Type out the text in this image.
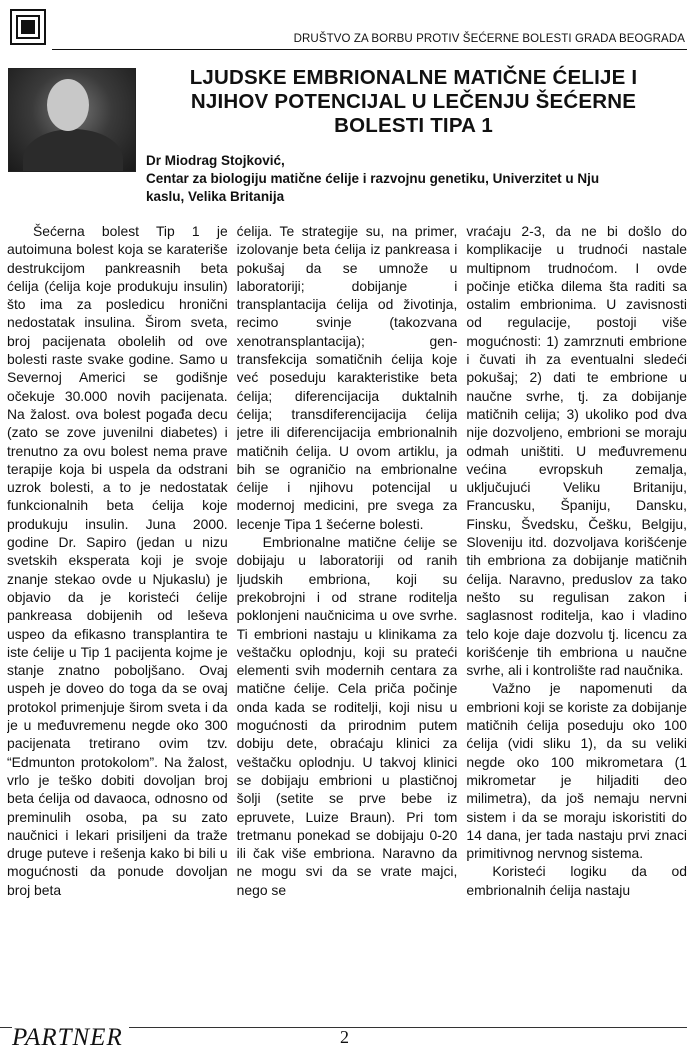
DRUŠTVO ZA BORBU PROTIV ŠEĆERNE BOLESTI GRADA BEOGRADA
LJUDSKE EMBRIONALNE MATIČNE ĆELIJE I
NJIHOV POTENCIJAL U LEČENJU ŠEĆERNE
BOLESTI TIPA 1
Dr Miodrag Stojković,
Centar za biologiju matične ćelije i razvojnu genetiku, Univerzitet u Nju
kaslu, Velika Britanija

Šećerna bolest Tip 1 je autoimuna bolest koja se karateriše destrukcijom pankreasnih beta ćelija (ćelija koje produkuju insulin) što ima za posledicu hronični nedostatak insulina. Širom sveta, broj pacijenata obolelih od ove bolesti raste svake godine. Samo u Severnoj Americi se godišnje očekuje 30.000 novih pacijenata. Na žalost. ova bolest pogađa decu (zato se zove juvenilni diabetes) i trenutno za ovu bolest nema prave terapije koja bi uspela da odstrani uzrok bolesti, a to je nedostatak funkcionalnih beta ćelija koje produkuju insulin. Juna 2000. godine Dr. Sapiro (jedan u nizu svetskih eksperata koji je svoje znanje stekao ovde u Njukaslu) je objavio da je koristeći ćelije pankreasa dobijenih od leševa uspeo da efikasno transplantira te iste ćelije u Tip 1 pacijenta kojme je stanje znatno poboljšano. Ovaj uspeh je doveo do toga da se ovaj protokol primenjuje širom sveta i da je u međuvremenu negde oko 300 pacijenata tretirano ovim tzv. “Edmunton protokolom”. Na žalost, vrlo je teško dobiti dovoljan broj beta ćelija od davaoca, odnosno od preminulih osoba, pa su zato naučnici i lekari prisiljeni da traže druge puteve i rešenja kako bi bili u mogućnosti da ponude dovoljan broj beta

ćelija. Te strategije su, na primer, izolovanje beta ćelija iz pankreasa i pokušaj da se umnože u laboratoriji; dobijanje i transplantacija ćelija od životinja, recimo svinje (takozvana xenotransplantacija); gen-transfekcija somatičnih ćelija koje već poseduju karakteristike beta ćelija; diferencijacija duktalnih ćelija; transdiferencijacija ćelija jetre ili diferencijacija embrionalnih matičnih ćelija. U ovom artiklu, ja bih se ograničio na embrionalne ćelije i njihovu potencijal u modernoj medicini, pre svega za lecenje Tipa 1 šećerne bolesti.

Embrionalne matične ćelije se dobijaju u laboratoriji od ranih ljudskih embriona, koji su prekobrojni i od strane roditelja poklonjeni naučnicima u ove svrhe. Ti embrioni nastaju u klinikama za veštačku oplodnju, koji su prateći elementi svih modernih centara za matične ćelije. Cela priča počinje onda kada se roditelji, koji nisu u mogućnosti da prirodnim putem dobiju dete, obraćaju klinici za veštačku oplodnju. U takvoj klinici se dobijaju embrioni u plastičnoj šolji (setite se prve bebe iz epruvete, Luize Braun). Pri tom tretmanu ponekad se dobijaju 0-20 ili čak više embriona. Naravno da ne mogu svi da se vrate majci, nego se

vraćaju 2-3, da ne bi došlo do komplikacije u trudnoći nastale multipnom trudnoćom. I ovde počinje etička dilema šta raditi sa ostalim embrionima. U zavisnosti od regulacije, postoji više mogućnosti: 1) zamrznuti embrione i čuvati ih za eventualni sledeći pokušaj; 2) dati te embrione u naučne svrhe, tj. za dobijanje matičnih celija; 3) ukoliko pod dva nije dozvoljeno, embrioni se moraju odmah uništiti. U međuvremenu većina evropskuh zemalja, uključujući Veliku Britaniju, Francusku, Španiju, Dansku, Finsku, Švedsku, Češku, Belgiju, Sloveniju itd. dozvoljava korišćenje tih embriona za dobijanje matičnih ćelija. Naravno, preduslov za tako nešto su regulisan zakon i saglasnost roditelja, kao i vladino telo koje daje dozvolu tj. licencu za korišćenje tih embriona u naučne svrhe, ali i kontrolište rad naučnika.

Važno je napomenuti da embrioni koji se koriste za dobijanje matičnih ćelija poseduju oko 100 ćelija (vidi sliku 1), da su veliki negde oko 100 mikrometara (1 mikrometar je hiljaditi deo milimetra), da još nemaju nervni sistem i da se moraju iskoristiti do 14 dana, jer tada nastaju prvi znaci primitivnog nervnog sistema.

Koristeći logiku da od embrionalnih ćelija nastaju

PARTNER	2
